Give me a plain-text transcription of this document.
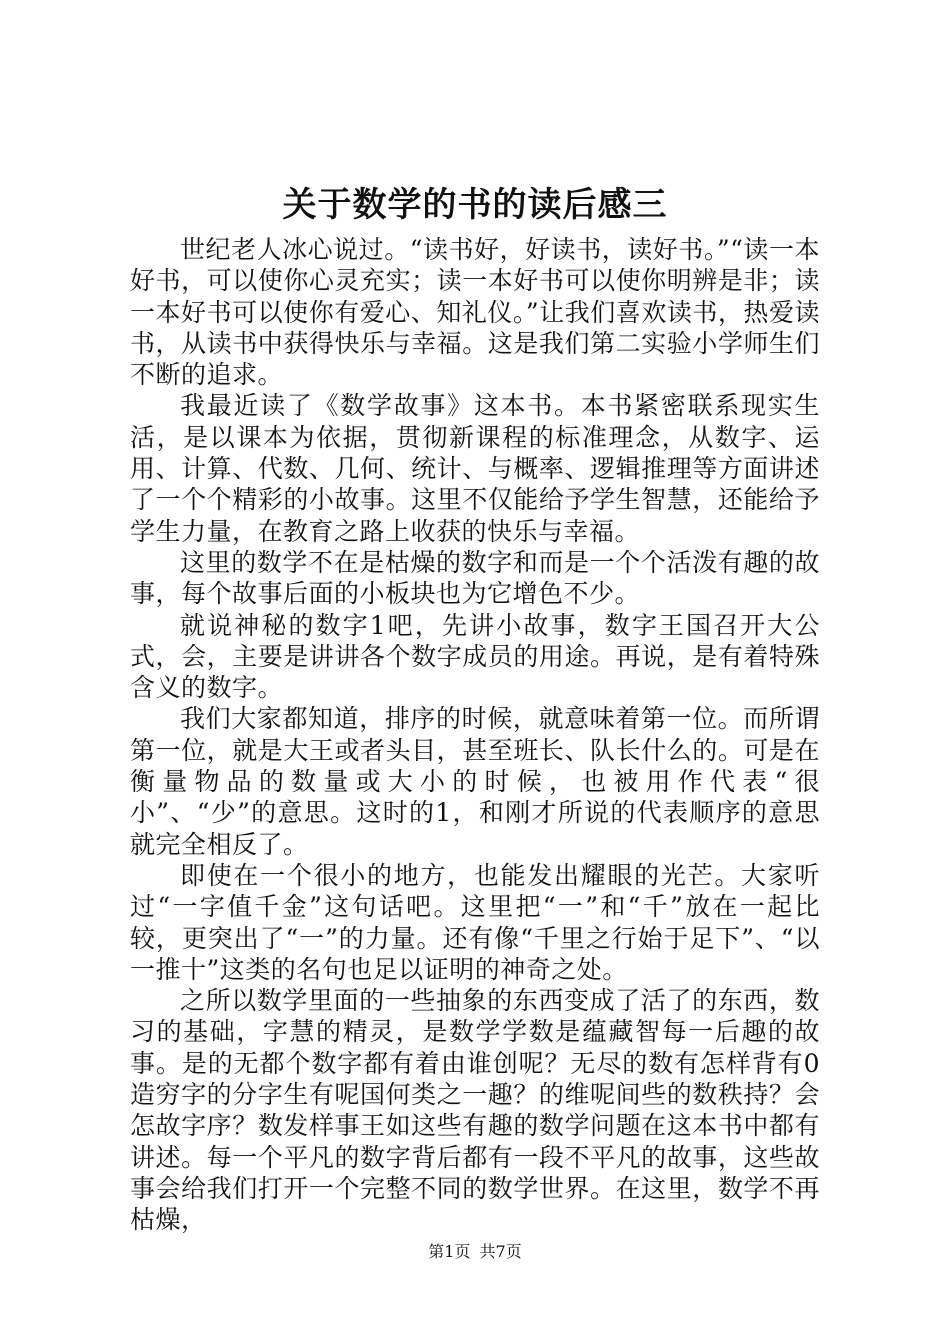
关于数学的书的读后感三

世纪老人冰心说过。“读书好，好读书，读好书。”“读一本好书，可以使你心灵充实；读一本好书可以使你明辨是非；读一本好书可以使你有爱心、知礼仪。”让我们喜欢读书，热爱读书，从读书中获得快乐与幸福。这是我们第二实验小学师生们不断的追求。

我最近读了《数学故事》这本书。本书紧密联系现实生活，是以课本为依据，贯彻新课程的标准理念，从数字、运用、计算、代数、几何、统计、与概率、逻辑推理等方面讲述了一个个精彩的小故事。这里不仅能给予学生智慧，还能给予学生力量，在教育之路上收获的快乐与幸福。

这里的数学不在是枯燥的数字和而是一个个活泼有趣的故事，每个故事后面的小板块也为它增色不少。

就说神秘的数字1吧，先讲小故事，数字王国召开大公式，会，主要是讲讲各个数字成员的用途。再说，是有着特殊含义的数字。

我们大家都知道，排序的时候，就意味着第一位。而所谓第一位，就是大王或者头目，甚至班长、队长什么的。可是在衡量物品的数量或大小的时候，也被用作代表“很小”、“少”的意思。这时的1，和刚才所说的代表顺序的意思就完全相反了。

即使在一个很小的地方，也能发出耀眼的光芒。大家听过“一字值千金”这句话吧。这里把“一”和“千”放在一起比较，更突出了“一”的力量。还有像“千里之行始于足下”、“以一推十”这类的名句也足以证明的神奇之处。

之所以数学里面的一些抽象的东西变成了活了的东西，数习的基础，字慧的精灵，是数学学数是蕴藏智每一后趣的故事。是的无都个数字都有着由谁创呢？无尽的数有怎样背有0造穷字的分字生有呢国何类之一趣？的维呢间些的数秩持？会怎故字序？数发样事王如这些有趣的数学问题在这本书中都有讲述。每一个平凡的数字背后都有一段不平凡的故事，这些故事会给我们打开一个完整不同的数学世界。在这里，数学不再枯燥，

第1页 共7页
